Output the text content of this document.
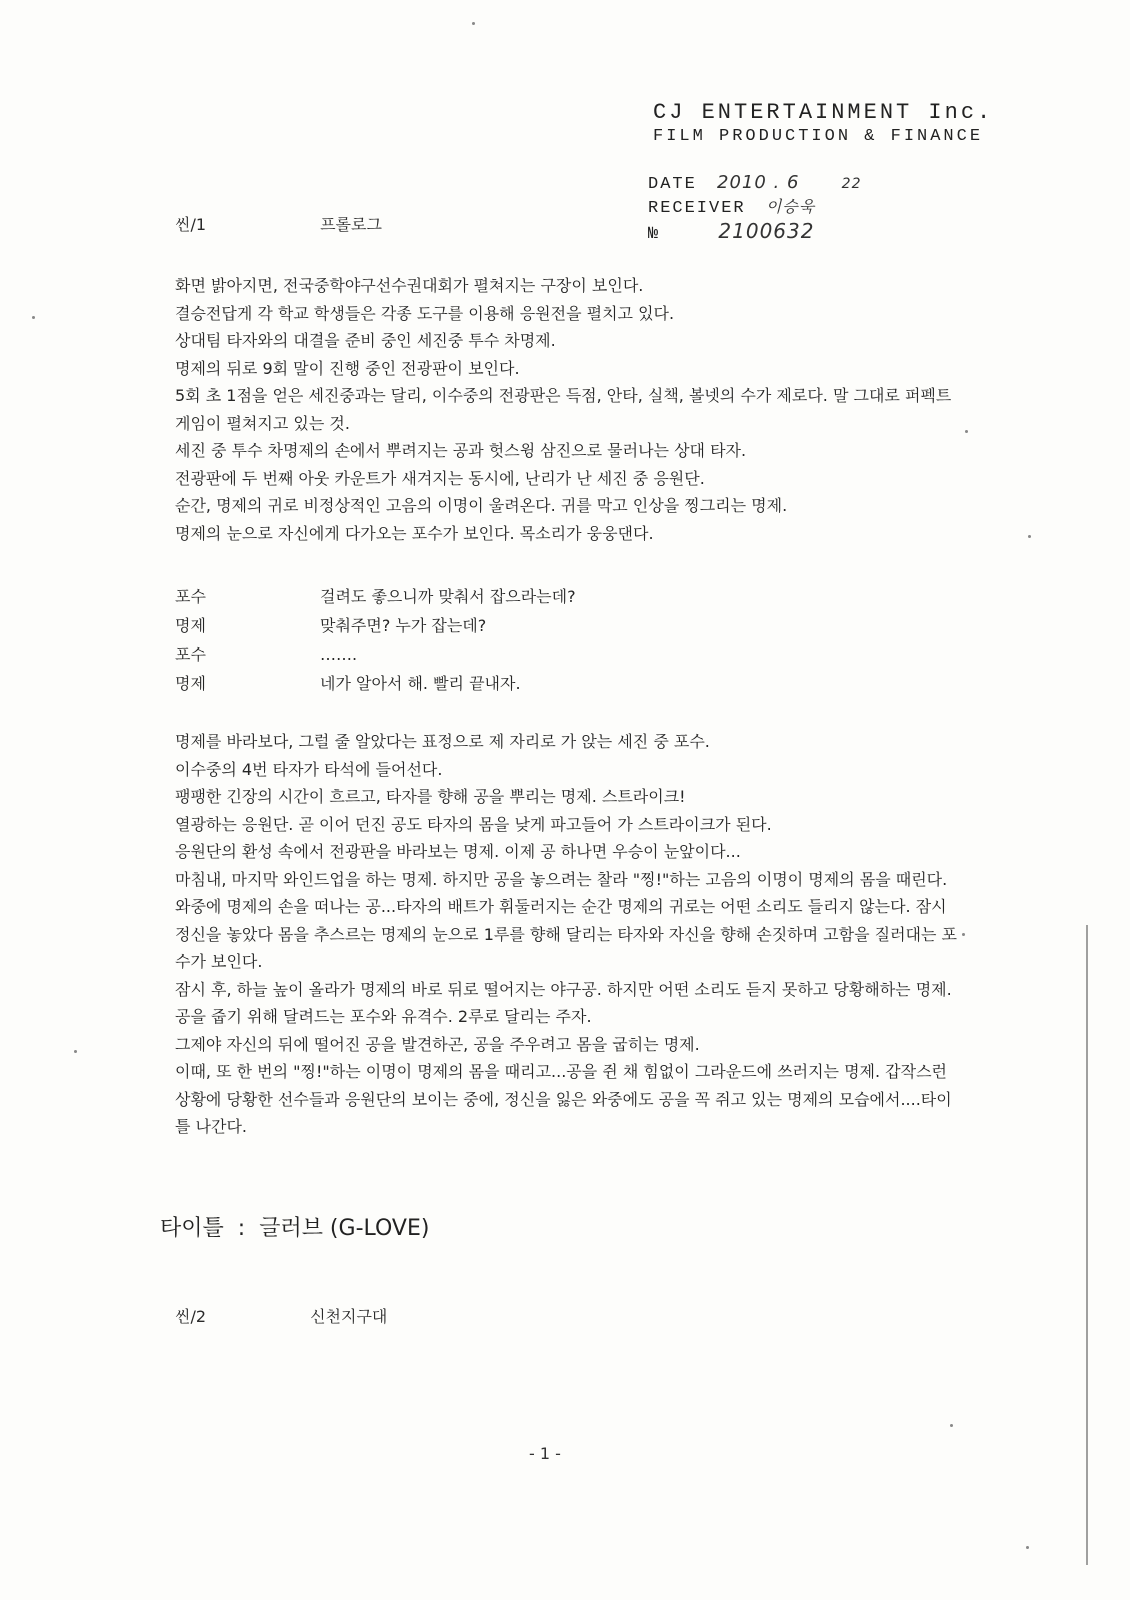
CJ ENTERTAINMENT Inc.
FILM PRODUCTION & FINANCE
DATE 2010 . 6	22
RECEIVER 이승욱
№	2100632
씬/1	프롤로그

화면 밝아지면, 전국중학야구선수권대회가 펼쳐지는 구장이 보인다.

결승전답게 각 학교 학생들은 각종 도구를 이용해 응원전을 펼치고 있다.

상대팀 타자와의 대결을 준비 중인 세진중 투수 차명제.

명제의 뒤로 9회 말이 진행 중인 전광판이 보인다.

5회 초 1점을 얻은 세진중과는 달리, 이수중의 전광판은 득점, 안타, 실책, 볼넷의 수가 제로다. 말 그대로 퍼펙트 게임이 펼쳐지고 있는 것.

세진 중 투수 차명제의 손에서 뿌려지는 공과 헛스윙 삼진으로 물러나는 상대 타자.

전광판에 두 번째 아웃 카운트가 새겨지는 동시에, 난리가 난 세진 중 응원단.

순간, 명제의 귀로 비정상적인 고음의 이명이 울려온다. 귀를 막고 인상을 찡그리는 명제.

명제의 눈으로 자신에게 다가오는 포수가 보인다. 목소리가 웅웅댄다.

포수	걸려도 좋으니까 맞춰서 잡으라는데?
명제	맞춰주면? 누가 잡는데?
포수	…….
명제	네가 알아서 해. 빨리 끝내자.

명제를 바라보다, 그럴 줄 알았다는 표정으로 제 자리로 가 앉는 세진 중 포수.

이수중의 4번 타자가 타석에 들어선다.

팽팽한 긴장의 시간이 흐르고, 타자를 향해 공을 뿌리는 명제. 스트라이크!

열광하는 응원단. 곧 이어 던진 공도 타자의 몸을 낮게 파고들어 가 스트라이크가 된다.

응원단의 환성 속에서 전광판을 바라보는 명제. 이제 공 하나면 우승이 눈앞이다...

마침내, 마지막 와인드업을 하는 명제. 하지만 공을 놓으려는 찰라 "찡!"하는 고음의 이명이 명제의 몸을 때린다. 와중에 명제의 손을 떠나는 공...타자의 배트가 휘둘러지는 순간 명제의 귀로는 어떤 소리도 들리지 않는다. 잠시 정신을 놓았다 몸을 추스르는 명제의 눈으로 1루를 향해 달리는 타자와 자신을 향해 손짓하며 고함을 질러대는 포수가 보인다.

잠시 후, 하늘 높이 올라가 명제의 바로 뒤로 떨어지는 야구공. 하지만 어떤 소리도 듣지 못하고 당황해하는 명제. 공을 줍기 위해 달려드는 포수와 유격수. 2루로 달리는 주자.

그제야 자신의 뒤에 떨어진 공을 발견하곤, 공을 주우려고 몸을 굽히는 명제.

이때, 또 한 번의 "찡!"하는 이명이 명제의 몸을 때리고...공을 쥔 채 힘없이 그라운드에 쓰러지는 명제. 갑작스런 상황에 당황한 선수들과 응원단의 보이는 중에, 정신을 잃은 와중에도 공을 꼭 쥐고 있는 명제의 모습에서....타이틀 나간다.

타이틀 : 글러브 (G-LOVE)
씬/2	신천지구대
- 1 -
